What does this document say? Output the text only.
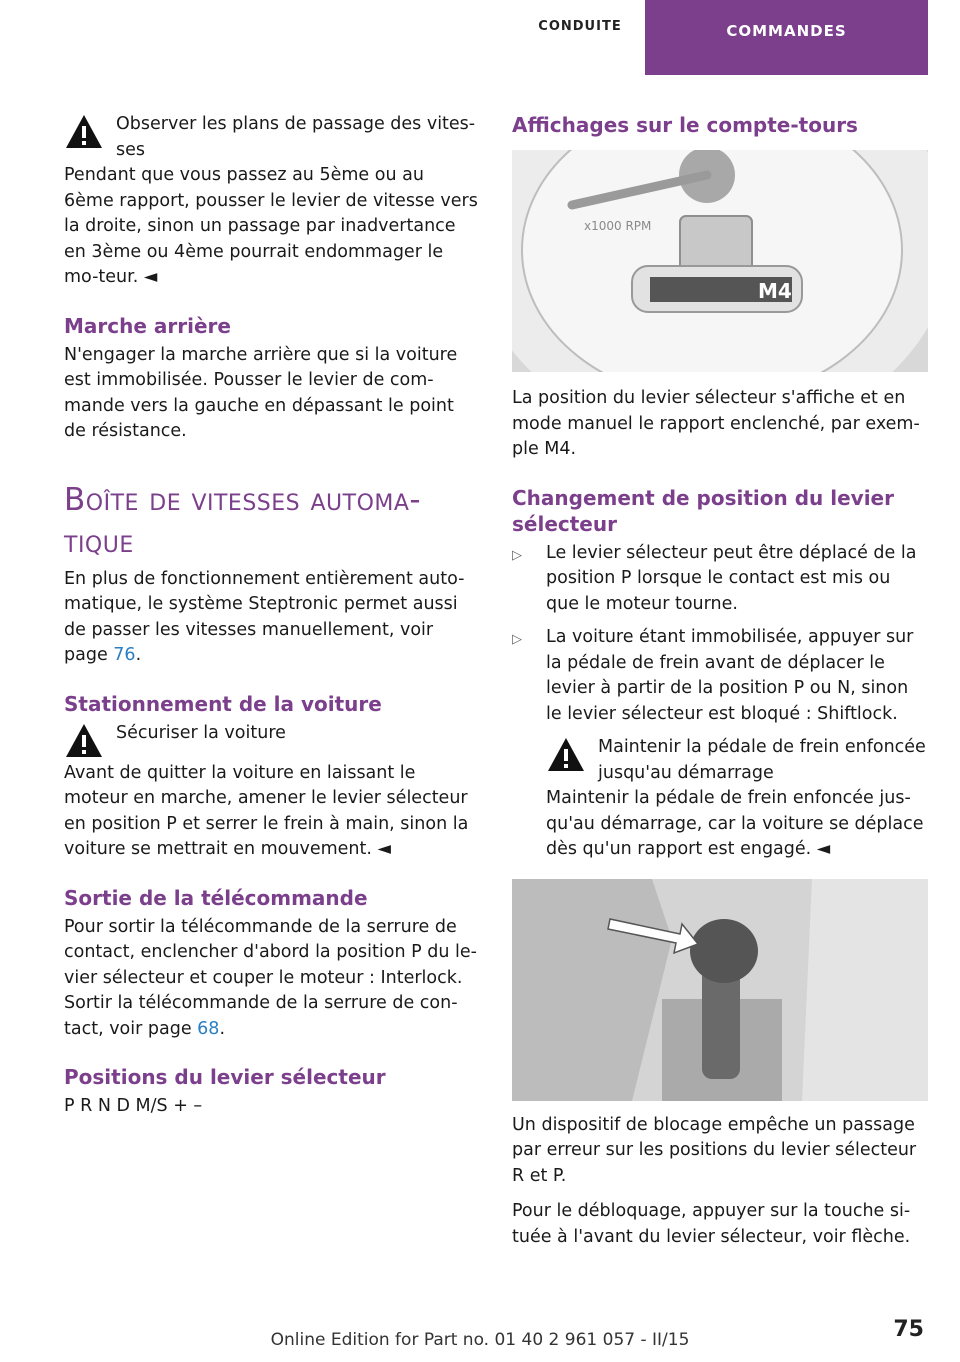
CONDUITE	COMMANDES

Observer les plans de passage des vites-ses

Pendant que vous passez au 5ème ou au 6ème rapport, pousser le levier de vitesse vers la droite, sinon un passage par inadvertance en 3ème ou 4ème pourrait endommager le mo-teur. ◄

Marche arrière

N'engager la marche arrière que si la voiture est immobilisée. Pousser le levier de com-mande vers la gauche en dépassant le point de résistance.

Boîte de vitesses automa-tique

En plus de fonctionnement entièrement auto-matique, le système Steptronic permet aussi de passer les vitesses manuellement, voir page 76.

Stationnement de la voiture

Sécuriser la voiture

Avant de quitter la voiture en laissant le moteur en marche, amener le levier sélecteur en position P et serrer le frein à main, sinon la voiture se mettrait en mouvement. ◄

Sortie de la télécommande

Pour sortir la télécommande de la serrure de contact, enclencher d'abord la position P du le-vier sélecteur et couper le moteur : Interlock. Sortir la télécommande de la serrure de con-tact, voir page 68.

Positions du levier sélecteur

P R N D M/S + –

Affichages sur le compte-tours
M4
x1000 RPM

La position du levier sélecteur s'affiche et en mode manuel le rapport enclenché, par exem-ple M4.

Changement de position du levier sélecteur
▷	Le levier sélecteur peut être déplacé de la position P lorsque le contact est mis ou que le moteur tourne.
▷	La voiture étant immobilisée, appuyer sur la pédale de frein avant de déplacer le levier à partir de la position P ou N, sinon le levier sélecteur est bloqué : Shiftlock.

Maintenir la pédale de frein enfoncée jusqu'au démarrage

Maintenir la pédale de frein enfoncée jus-qu'au démarrage, car la voiture se déplace dès qu'un rapport est engagé. ◄

Un dispositif de blocage empêche un passage par erreur sur les positions du levier sélecteur R et P.

Pour le débloquage, appuyer sur la touche si-tuée à l'avant du levier sélecteur, voir flèche.

Online Edition for Part no. 01 40 2 961 057 - II/15	75
